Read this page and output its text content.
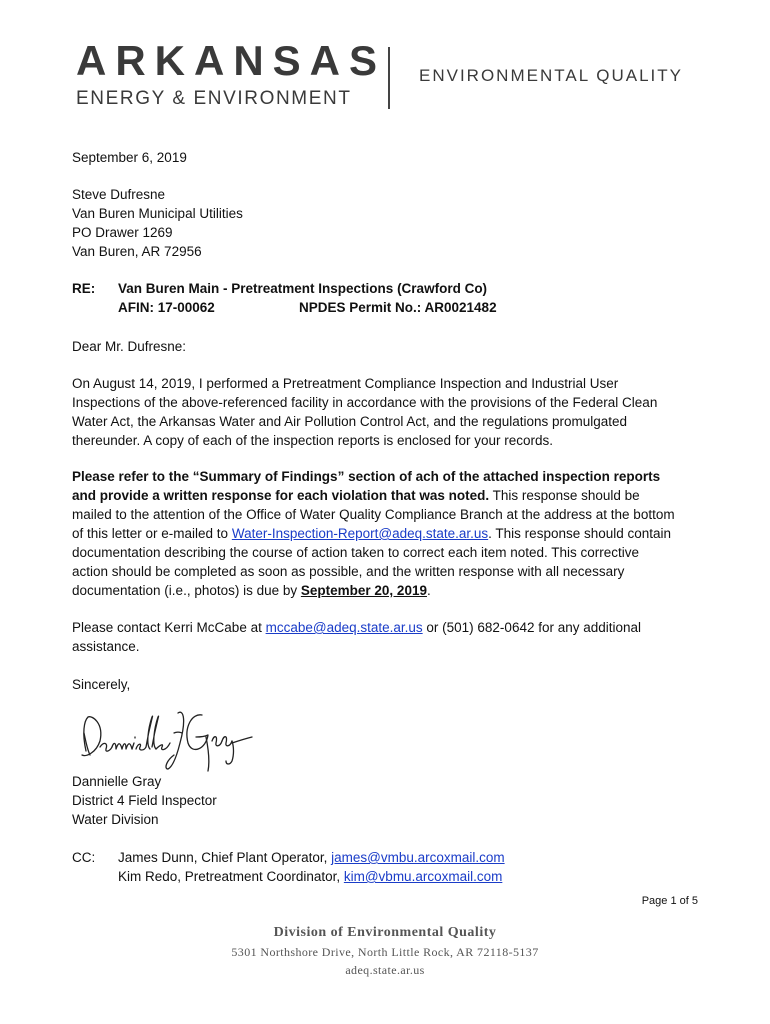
ARKANSAS
ENERGY & ENVIRONMENT
ENVIRONMENTAL QUALITY
September 6, 2019
Steve Dufresne
Van Buren Municipal Utilities
PO Drawer 1269
Van Buren, AR 72956
RE: Van Buren Main - Pretreatment Inspections (Crawford Co)
AFIN: 17-00062	NPDES Permit No.: AR0021482
Dear Mr. Dufresne:
On August 14, 2019, I performed a Pretreatment Compliance Inspection and Industrial User
Inspections of the above-referenced facility in accordance with the provisions of the Federal Clean
Water Act, the Arkansas Water and Air Pollution Control Act, and the regulations promulgated
thereunder. A copy of each of the inspection reports is enclosed for your records.
Please refer to the “Summary of Findings” section of ach of the attached inspection reports
and provide a written response for each violation that was noted. This response should be
mailed to the attention of the Office of Water Quality Compliance Branch at the address at the bottom
of this letter or e-mailed to Water-Inspection-Report@adeq.state.ar.us. This response should contain
documentation describing the course of action taken to correct each item noted. This corrective
action should be completed as soon as possible, and the written response with all necessary
documentation (i.e., photos) is due by September 20, 2019.
Please contact Kerri McCabe at mccabe@adeq.state.ar.us or (501) 682-0642 for any additional
assistance.
Sincerely,
Dannielle Gray
District 4 Field Inspector
Water Division
CC:	James Dunn, Chief Plant Operator, james@vmbu.arcoxmail.com
Kim Redo, Pretreatment Coordinator, kim@vbmu.arcoxmail.com
Page 1 of 5
Division of Environmental Quality
5301 Northshore Drive, North Little Rock, AR 72118-5137
adeq.state.ar.us
